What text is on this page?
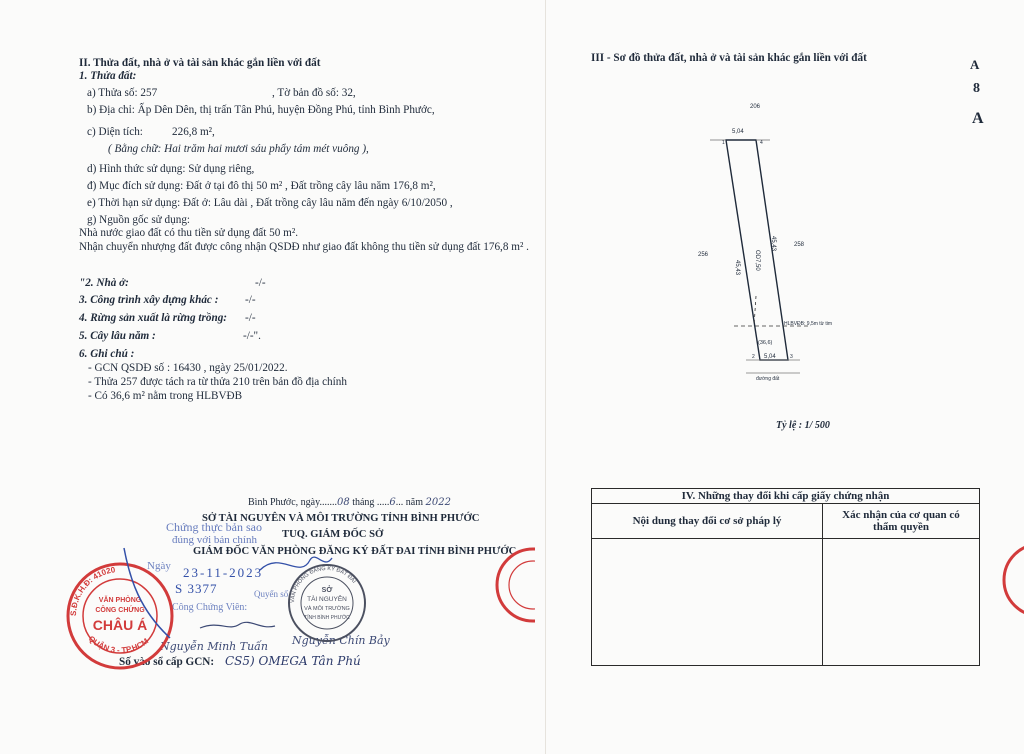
II. Thửa đất, nhà ở và tài sản khác gắn liền với đất
1. Thửa đất:
a) Thửa số: 257	, Tờ bản đồ số: 32,
b) Địa chỉ: Ấp Dên Dên, thị trấn Tân Phú, huyện Đồng Phú, tỉnh Bình Phước,
c) Diện tích:	226,8 m²,
( Bằng chữ: Hai trăm hai mươi sáu phẩy tám mét vuông ),
d) Hình thức sử dụng: Sử dụng riêng,
đ) Mục đích sử dụng: Đất ở tại đô thị 50 m² , Đất trồng cây lâu năm 176,8 m²,
e) Thời hạn sử dụng: Đất ở: Lâu dài , Đất trồng cây lâu năm đến ngày 6/10/2050 ,
g) Nguồn gốc sử dụng:
Nhà nước giao đất có thu tiền sử dụng đất 50 m².
Nhận chuyển nhượng đất được công nhận QSDĐ như giao đất không thu tiền sử dụng đất 176,8 m² .
"2. Nhà ở:	-/-
3. Công trình xây dựng khác : -/-
4. Rừng sản xuất là rừng trồng: -/-
5. Cây lâu năm :	-/-".
6. Ghi chú :
- GCN QSDĐ số : 16430 , ngày 25/01/2022.
- Thửa 257 được tách ra từ thửa 210 trên bản đồ địa chính
- Có 36,6 m² nằm trong HLBVĐB
Bình Phước, ngày.......08 tháng .....6... năm 2022
SỞ TÀI NGUYÊN VÀ MÔI TRƯỜNG TỈNH BÌNH PHƯỚC
TUQ. GIÁM ĐỐC SỞ
GIÁM ĐỐC VĂN PHÒNG ĐĂNG KÝ ĐẤT ĐAI TỈNH BÌNH PHƯỚC
Chứng thực bản sao
đúng với bản chính
Ngày 23-11-2023
S 3377	Quyển số
Công Chứng Viên:
Nguyễn Minh Tuấn Nguyễn Chín Bảy
Số vào sổ cấp GCN: CS5) OMEGA Tân Phú
S.Đ.K.H.Đ: 41020
QUẬN 3 - TP.HCM
VĂN PHÒNG
CÔNG CHỨNG
CHÂU Á
VĂN PHÒNG ĐĂNG KÝ ĐẤT ĐAI
SỞ
TÀI NGUYÊN
VÀ MÔI TRƯỜNG
TỈNH BÌNH PHƯỚC
III - Sơ đồ thửa đất, nhà ở và tài sản khác gắn liền với đất	A
8
A
206
256
258
5,04
1	4
2	3
5,04
45,43
45,43
OD7,50
HLBVĐB: 9,5m từ tim
(36,6)
đường đất
Tỷ lệ : 1/ 500
IV. Những thay đổi khi cấp giấy chứng nhận	
Nội dung thay đổi cơ sở pháp lý	Xác nhận của cơ quan có
thẩm quyền
